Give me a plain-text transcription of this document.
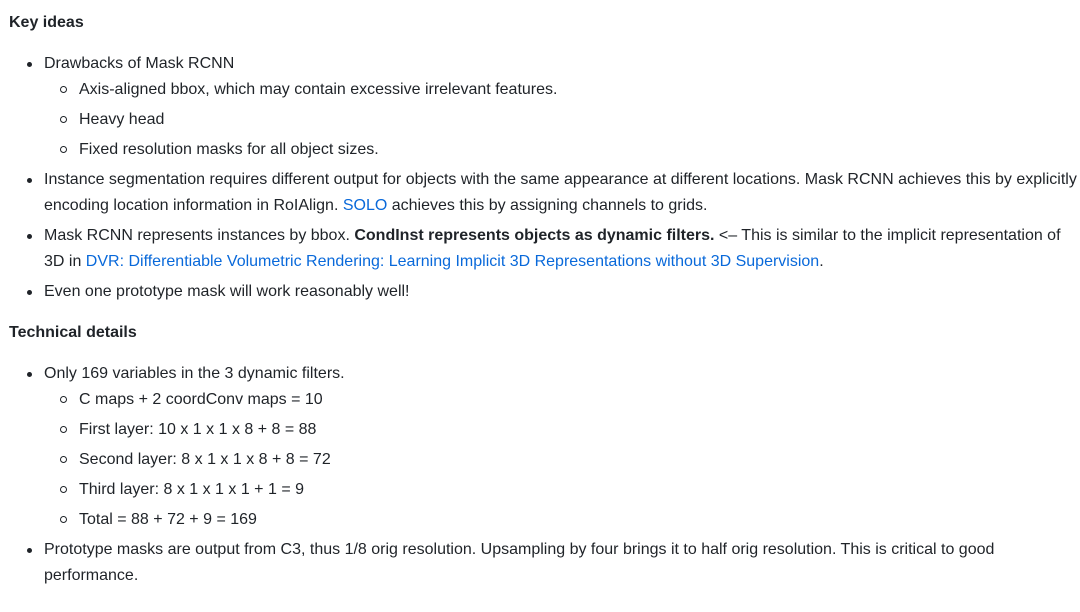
Key ideas
Drawbacks of Mask RCNN
Axis-aligned bbox, which may contain excessive irrelevant features.
Heavy head
Fixed resolution masks for all object sizes.
Instance segmentation requires different output for objects with the same appearance at different locations. Mask RCNN achieves this by explicitly encoding location information in RoIAlign. SOLO achieves this by assigning channels to grids.
Mask RCNN represents instances by bbox. CondInst represents objects as dynamic filters. <– This is similar to the implicit representation of 3D in DVR: Differentiable Volumetric Rendering: Learning Implicit 3D Representations without 3D Supervision.
Even one prototype mask will work reasonably well!
Technical details
Only 169 variables in the 3 dynamic filters.
C maps + 2 coordConv maps = 10
First layer: 10 x 1 x 1 x 8 + 8 = 88
Second layer: 8 x 1 x 1 x 8 + 8 = 72
Third layer: 8 x 1 x 1 x 1 + 1 = 9
Total = 88 + 72 + 9 = 169
Prototype masks are output from C3, thus 1/8 orig resolution. Upsampling by four brings it to half orig resolution. This is critical to good performance.
